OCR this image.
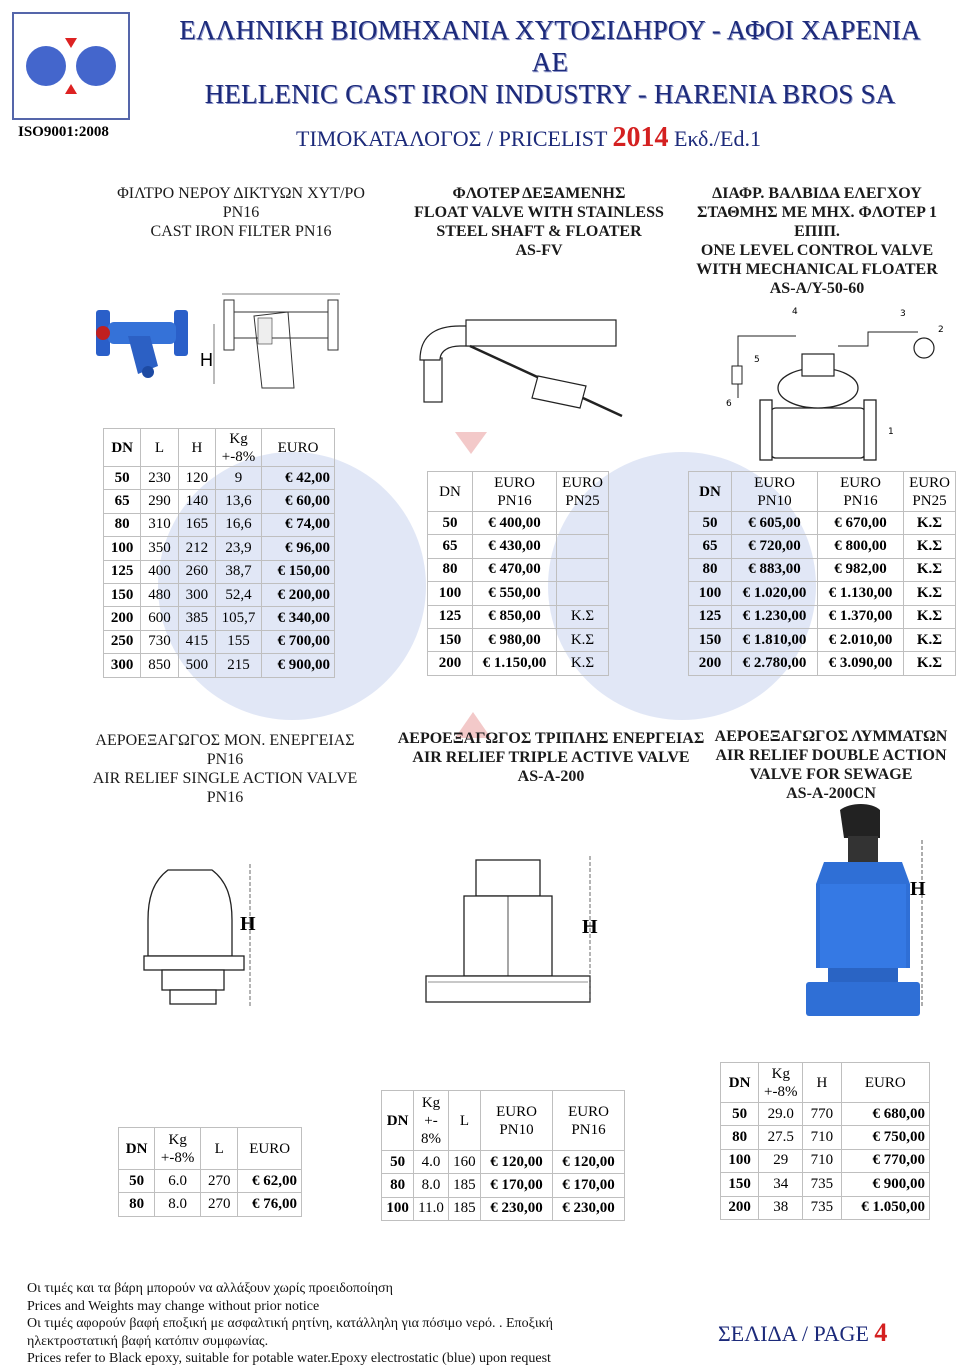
ISO9001:2008
ΕΛΛΗΝΙΚΗ ΒΙΟΜΗΧΑΝΙΑ ΧΥΤΟΣΙΔΗΡΟΥ - ΑΦΟΙ ΧΑΡΕΝΙΑ
ΑΕ
HELLENIC CAST IRON INDUSTRY - HARENIA BROS SA
ΤΙΜΟΚΑΤΑΛΟΓΟΣ / PRICELIST 2014 Εκδ./Ed.1
ΦΙΛΤΡΟ ΝΕΡΟΥ ΔΙΚΤΥΩΝ ΧΥΤ/ΡΟ
PN16
CAST IRON FILTER PN16
H
DN	L	H	Kg +-8%	EURO
50	230	120	9	€ 42,00
65	290	140	13,6	€ 60,00
80	310	165	16,6	€ 74,00
100	350	212	23,9	€ 96,00
125	400	260	38,7	€ 150,00
150	480	300	52,4	€ 200,00
200	600	385	105,7	€ 340,00
250	730	415	155	€ 700,00
300	850	500	215	€ 900,00
ΦΛΟΤΕΡ ΔΕΞΑΜΕΝΗΣ
FLOAT VALVE WITH STAINLESS
STEEL SHAFT & FLOATER
AS-FV
DN	EURO PN16	EURO PN25
50	€ 400,00	
65	€ 430,00	
80	€ 470,00	
100	€ 550,00	
125	€ 850,00	K.Σ
150	€ 980,00	K.Σ
200	€ 1.150,00	K.Σ
ΔΙΑΦΡ. ΒΑΛΒΙΔΑ ΕΛΕΓΧΟΥ
ΣΤΑΘΜΗΣ ΜΕ ΜΗΧ. ΦΛΟΤΕΡ 1
ΕΠΙΠ.
ONE LEVEL CONTROL VALVE
WITH MECHANICAL FLOATER
AS-A/Y-50-60
1
2
3
4
5
6
DN	EURO PN10	EURO PN16	EURO PN25
50	€ 605,00	€ 670,00	K.Σ
65	€ 720,00	€ 800,00	K.Σ
80	€ 883,00	€ 982,00	K.Σ
100	€ 1.020,00	€ 1.130,00	K.Σ
125	€ 1.230,00	€ 1.370,00	K.Σ
150	€ 1.810,00	€ 2.010,00	K.Σ
200	€ 2.780,00	€ 3.090,00	K.Σ
ΑΕΡΟΕΞΑΓΩΓΟΣ ΜΟΝ. ΕΝΕΡΓΕΙΑΣ
PN16
AIR RELIEF SINGLE ACTION VALVE
PN16
H
DN	Kg +-8%	L	EURO
50	6.0	270	€ 62,00
80	8.0	270	€ 76,00
ΑΕΡΟΕΞΑΓΩΓΟΣ ΤΡΙΠΛΗΣ ΕΝΕΡΓΕΙΑΣ
AIR RELIEF TRIPLE ACTIVE VALVE
AS-A-200
H
DN	Kg +- 8%	L	EURO PN10	EURO PN16
50	4.0	160	€ 120,00	€ 120,00
80	8.0	185	€ 170,00	€ 170,00
100	11.0	185	€ 230,00	€ 230,00
ΑΕΡΟΕΞΑΓΩΓΟΣ ΛΥΜΜΑΤΩΝ
AIR RELIEF DOUBLE ACTION
VALVE FOR SEWAGE
AS-A-200CN
H
DN	Kg +-8%	H	EURO
50	29.0	770	€ 680,00
80	27.5	710	€ 750,00
100	29	710	€ 770,00
150	34	735	€ 900,00
200	38	735	€ 1.050,00
Οι τιμές και τα βάρη μπορούν να αλλάξουν χωρίς προειδοποίηση
Prices and Weights may change without prior notice
Οι τιμές αφορούν βαφή εποξική με ασφαλτική ρητίνη, κατάλληλη για πόσιμο νερό. . Εποξική
ηλεκτροστατική βαφή κατόπιν συμφωνίας.
Prices refer to Black epoxy, suitable for potable water.Epoxy electrostatic (blue) upon request
ΣΕΛΙΔΑ / PAGE 4
